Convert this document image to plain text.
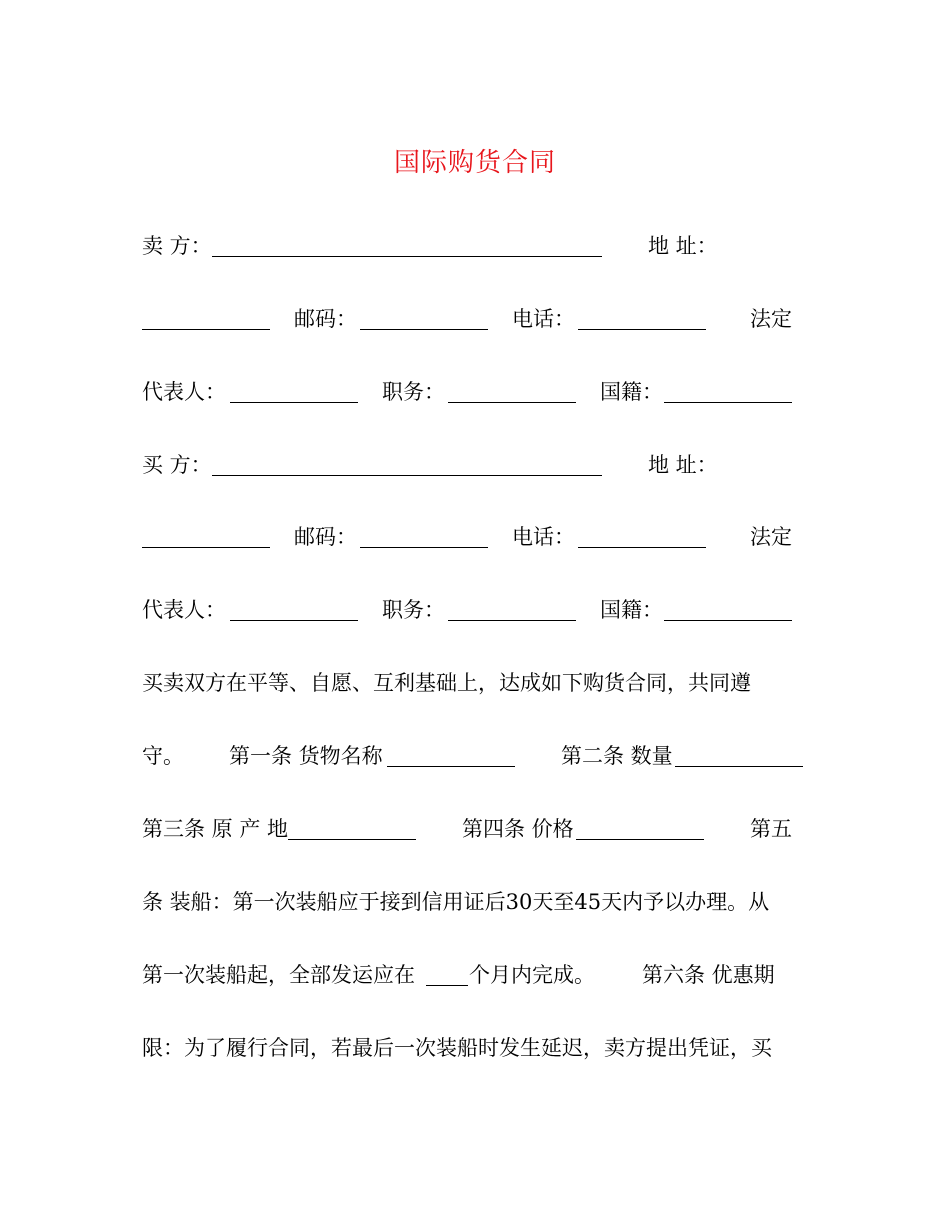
国际购货合同
卖 方：	地 址：
邮码：	电话：	法定
代表人：	职务：	国籍：
买 方：	地 址：
邮码：	电话：	法定
代表人：	职务：	国籍：
买卖双方在平等、自愿、互利基础上，达成如下购货合同，共同遵
守。 第一条 货物名称	第二条 数量
第三条 原 产 地	第四条 价格	第五
条 装船：第一次装船应于接到信用证后30天至45天内予以办理。从
第一次装船起，全部发运应在	个月内完成。 第六条 优惠期
限：为了履行合同，若最后一次装船时发生延迟，卖方提出凭证，买
